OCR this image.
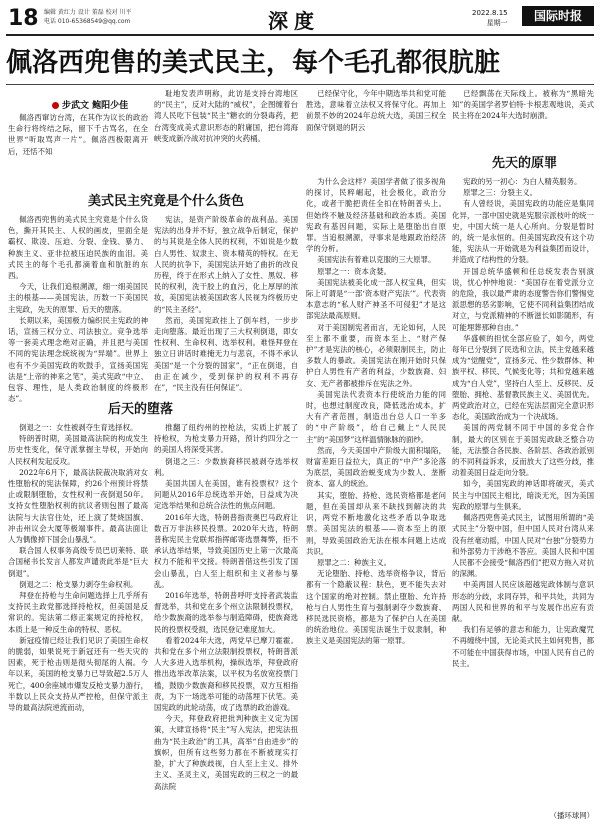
18 编辑 黄红力 设计 董磊 校对 川平
电话 010-65368549@qq.com	深度	2022.8.15
星期一	国际时报
佩洛西兜售的美式民主，每个毛孔都很肮脏
步武文 鲍阳少佳

佩洛西窜访台湾，在其作为议长的政治生命行将终结之际，留下千古骂名，在全世界“听取骂声一片”。佩洛西极限离开后，还恬不知

耻地发表声明称，此访是支持台湾地区的“民主”，反对大陆的“威权”，企图缠着台湾人民吃下包装“民主”糖衣的分裂毒药，把台湾变成美式意识形态的附庸国，把台湾海峡变成新冷战对抗冲突的火药桶。

美式民主究竟是个什么货色

佩洛西兜售的美式民主究竟是个什么货色，撕开其民主、人权的画皮，里面全是霸权、欺凌、压迫、分裂、金钱、暴力、种族主义、亚非拉被压迫民族的血泪。美式民主的每个毛孔都滴着血和肮脏的东西。

今天，让我们追根溯源，细一细美国民主的根基——美国宪法，历数一下美国民主宪政，先天的原罪、后天的堕落。

长期以来，美国极力编织民主宪政的神话，宣扬三权分立、司法独立。竞争选举等一套美式理念绝对正确，并且把与美国不同的宪法理念统统视为“异端”。世界上也有不少美国宪政的吹鼓手，宣扬美国宪法是“上帝的神来之笔”，美式宪政“中立、包容、理性，是人类政治制度的终极形态”。

宪法，是资产阶级革命的战利品。美国宪法的出身并不好，独立战争后制定，保护的与其说是全体人民的权利，不如说是少数白人男性、奴隶主、资本精英的特权。在无人民的抗争下，美国宪法开始了曲折的改良历程，终于在形式上纳入了女性、黑奴、移民的权利，洗干胶上的血污，化上厚厚的浓妆，美国宪法被美国政客人民视为终极历史的“民主圣经”。

然而，美国宪政挂上了倒车档，一步步走向堕落。最近出现了三大权利倒退，即女性权利、生命权利、选举权利。难怪拜登在独立日讲话时难掩无力与悲哀，不得不承认美国“是一个分裂的国家”，“正在倒退，自由正在减少，受到保护的权利不再存在”，“民主没有任何保证”。

后天的堕落

倒退之一：女性被剥夺生育选择权。

特朗普时期，美国最高法院的构成发生历史性变化，保守派掌握主导权，开始向人民权利发起反攻。

2022年6月下，最高法院裁决取消对女性堕胎权的宪法保障，约26个州预计将禁止或限制堕胎，女性权利一夜倒退50年。支持女性堕胎权利的抗议者则包围了最高法院与大法官住处，还上演了焚烧国旗、冲击州议会大厦等极端事件。最高法面让人为偶像掉下国会山暴乱”。

联合国人权事务高级专员巴切莱特、联合国秘书长发言人都发声谴责此举是“巨大倒退”。

倒退之二：枪支暴力剥夺生命权利。

拜登在持枪与生命问题选择上几乎所有支持民主政党都选择持枪权，但美国是反常识的。宪法第二修正案规定的持枪权，本质上是一种反生命的特权、恶权。

新冠疫情已经让我们见识了美国生命权的脆弱，如果说死于新冠还有一些天灾的因素，死于枪击则是彻头彻尾的人祸。今年以来，美国的枪支暴力已导致超2.5万人死亡，400余座城市爆发反枪支暴力游行，半数以上民众支持从严控枪，但保守派主导的最高法院逆流而动，

推翻了纽约州的控枪法，实质上扩展了持枪权，为枪支暴力开路，预计约四分之一的美国人将深受其害。

倒退之三：少数族裔移民被剥夺选举权利。

美国共国人在美国，谁有投票权？这个问题从2016年总统选举开始，日益成为决定选举结果和总统合法性的焦点问题。

2016年大选，特朗普指责奥巴马政府让数百万非法移民投票。2020年大选，特朗普称宪民主党联邦指挥邮寄选票舞弊，拒不承认选举结果，导致美国历史上第一次最高权力不能和平交接。特朗普借这些引发了国会山暴乱，白人至上组织和主义者参与暴乱。

2016年选举，特朗普呼吁支持者武装监督选举，共和党在多个州立法限制投票权，给少数族裔的选举参与制造障碍，使族裔选民的投票权受损，选民登记难度加大。

看着2024年大选，两党早已摩刀霍霍。共和党在多个州立法限制投票权，特朗普派人大多进入选举机构，操纵选举，拜登政府推出选举改革法案，以平权为名放宽投票门槛，鼓励少数族裔和移民投票，双方互相指责，为下一场选举可能的动荡埋下伏笔。美国宪政的此轮动荡，成了选票的政治游戏。

今天，拜登政府把批判种族主义定为国策，大肆宣扬将“民主”写入宪法，把宪法扭曲为“民主政治”的工具，高举“自由进步”的旗帜，但所有这些努力都在不断被现实打脸，扩大了种族歧视，白人至上主义、排外主义、圣灵主义，美国宪政的三权之一的最高法院

已经保守化，今年中期选举共和党可能胜选，意味着立法权又将保守化。再加上前景不妙的2024年总统大选，美国三权全面保守倒退的阴云

已经飘荡在天际线上。被称为“黑暗先知”的美国学者罗伯特·卡根悲观地说，美式民主将在2024年大选时崩溃。

先天的原罪

为什么会这样？美国学者做了很多视角的探讨，民粹崛起，社会极化，政治分化，或者干脆把责任全扣在特朗普头上。但始终不触及经济基础和政治本质。美国宪政有基因问题，实际上是堕胎出自原罪。当追根溯源，寻事求是地跟政治经济学的分析。

美国宪法有着难以克服的三大原罪。

原罪之一：资本贪婪。

美国宪法被美化成一部人权宝典，但实际上可谓是“一部‘资本财产宪法’”。代表资本意志的“私人财产神圣不可侵犯”才是这部宪法最高原则。

对于美国制宪者而言，无论如何，人民至上都不重要，而资本至上、“财产保护”才是宪法的核心，必须限制民主，防止多数人的暴政。美国宪法在刚开始时只保护白人男性有产者的利益，少数族裔、妇女、无产者都被排斥在宪法之外。

美国宪法代表资本行使统治力能的同时，也想过制度改良，降低选治成本，扩大有产者范围，制造出台总人口一半多的“中产阶级”，给自己戴上“人民民主”的“美国梦”这样温情脉脉的面纱。

然而，今天美国中产阶级大面积塌陷，财富差距日益拉大，真正的“中产”多沦落为底层，美国政治蜕变成为少数人、垄断资本、富人的统治。

其实，堕胎、持枪、选民资格都是老问题，但在美国却从来不缺找到解决的共识，两党不断地激化这些矛盾以争取选票。美国宪法的根基——资本至上的原则，导致美国政治无法在根本问题上达成共识。

原罪之二：种族主义。

无论堕胎、持枪、选举资格争议，背后都有一个隐蔽议程：肤色，更不能失去对这个国家的绝对控制。禁止堕胎、允许持枪与白人男性生育与强制剥夺少数族裔、移民选民资格，都是为了保护白人在美国的统治地位。美国宪法诞生于奴隶制，种族主义是美国宪法的第一原罪。

宪政的另一初心：为白人精英服务。

原罪之三：分裂主义。

有人曾经说，美国宪政的功能应是集同化异，一部中国史就是宪服宗派枝叶的统一史，中国大统一是人心所向。分裂是暂时的，统一是永恒的。但美国宪政没有这个功能，宪法从一开始就是为利益集团而设计，并造成了结构性的分裂。

开国总统华盛顿和任总统发表告别演说，忧心忡忡地说：“美国存在着党派分立的危险，我以最严肃的态度警告你们警惕党派思想的恶劣影响，它使不同利益集团结成对立，与党派精神的不断滋长如影随形，有可能埋葬那种自由。”

华盛顿的担忧全部应验了，如今，两党每年已分裂到了民选和立法，民主党越来越成为“觉醒党”，宣扬多元、性少数群体、种族平权、移民、气候变化等；共和党越来越成为“白人党”，坚持白人至上、反移民、反堕胎、拥枪、基督教民族主义、美国优先。两党政治对立，已经在宪法层面完全意识形态化，美国政治成为一个决战场。

美国的两党制不同于中国的多党合作制，最大的区别在于美国宪政缺乏整合功能，无法整合各民族、各阶层、各政治派别的不同利益诉求，反而放大了这些分歧，推动着美国日益走向分裂。

如今，美国宪政的神话即将破灭，美式民主与中国民主相比，暗淡无光，因为美国宪政的原罪与生俱来。

佩洛西兜售美式民主，试图用所谓的“美式民主”分裂中国，但中国人民对台湾从来没有丝毫动摇，中国人民对“台独”分裂势力和外部势力干涉绝不答应。美国人民和中国人民都不会接受“佩洛西们”把双方拖入对抗的深渊。

中美两国人民应该超越宪政体制与意识形态的分歧，求同存异，和平共处，共同为两国人民和世界的和平与发展作出应有贡献。

我们有足够的意志和能力，让宪政魔咒不再缠绕中国，无论美式民主如何兜售，都不可能在中国获得市场，中国人民有自己的民主。

（播环球网）
